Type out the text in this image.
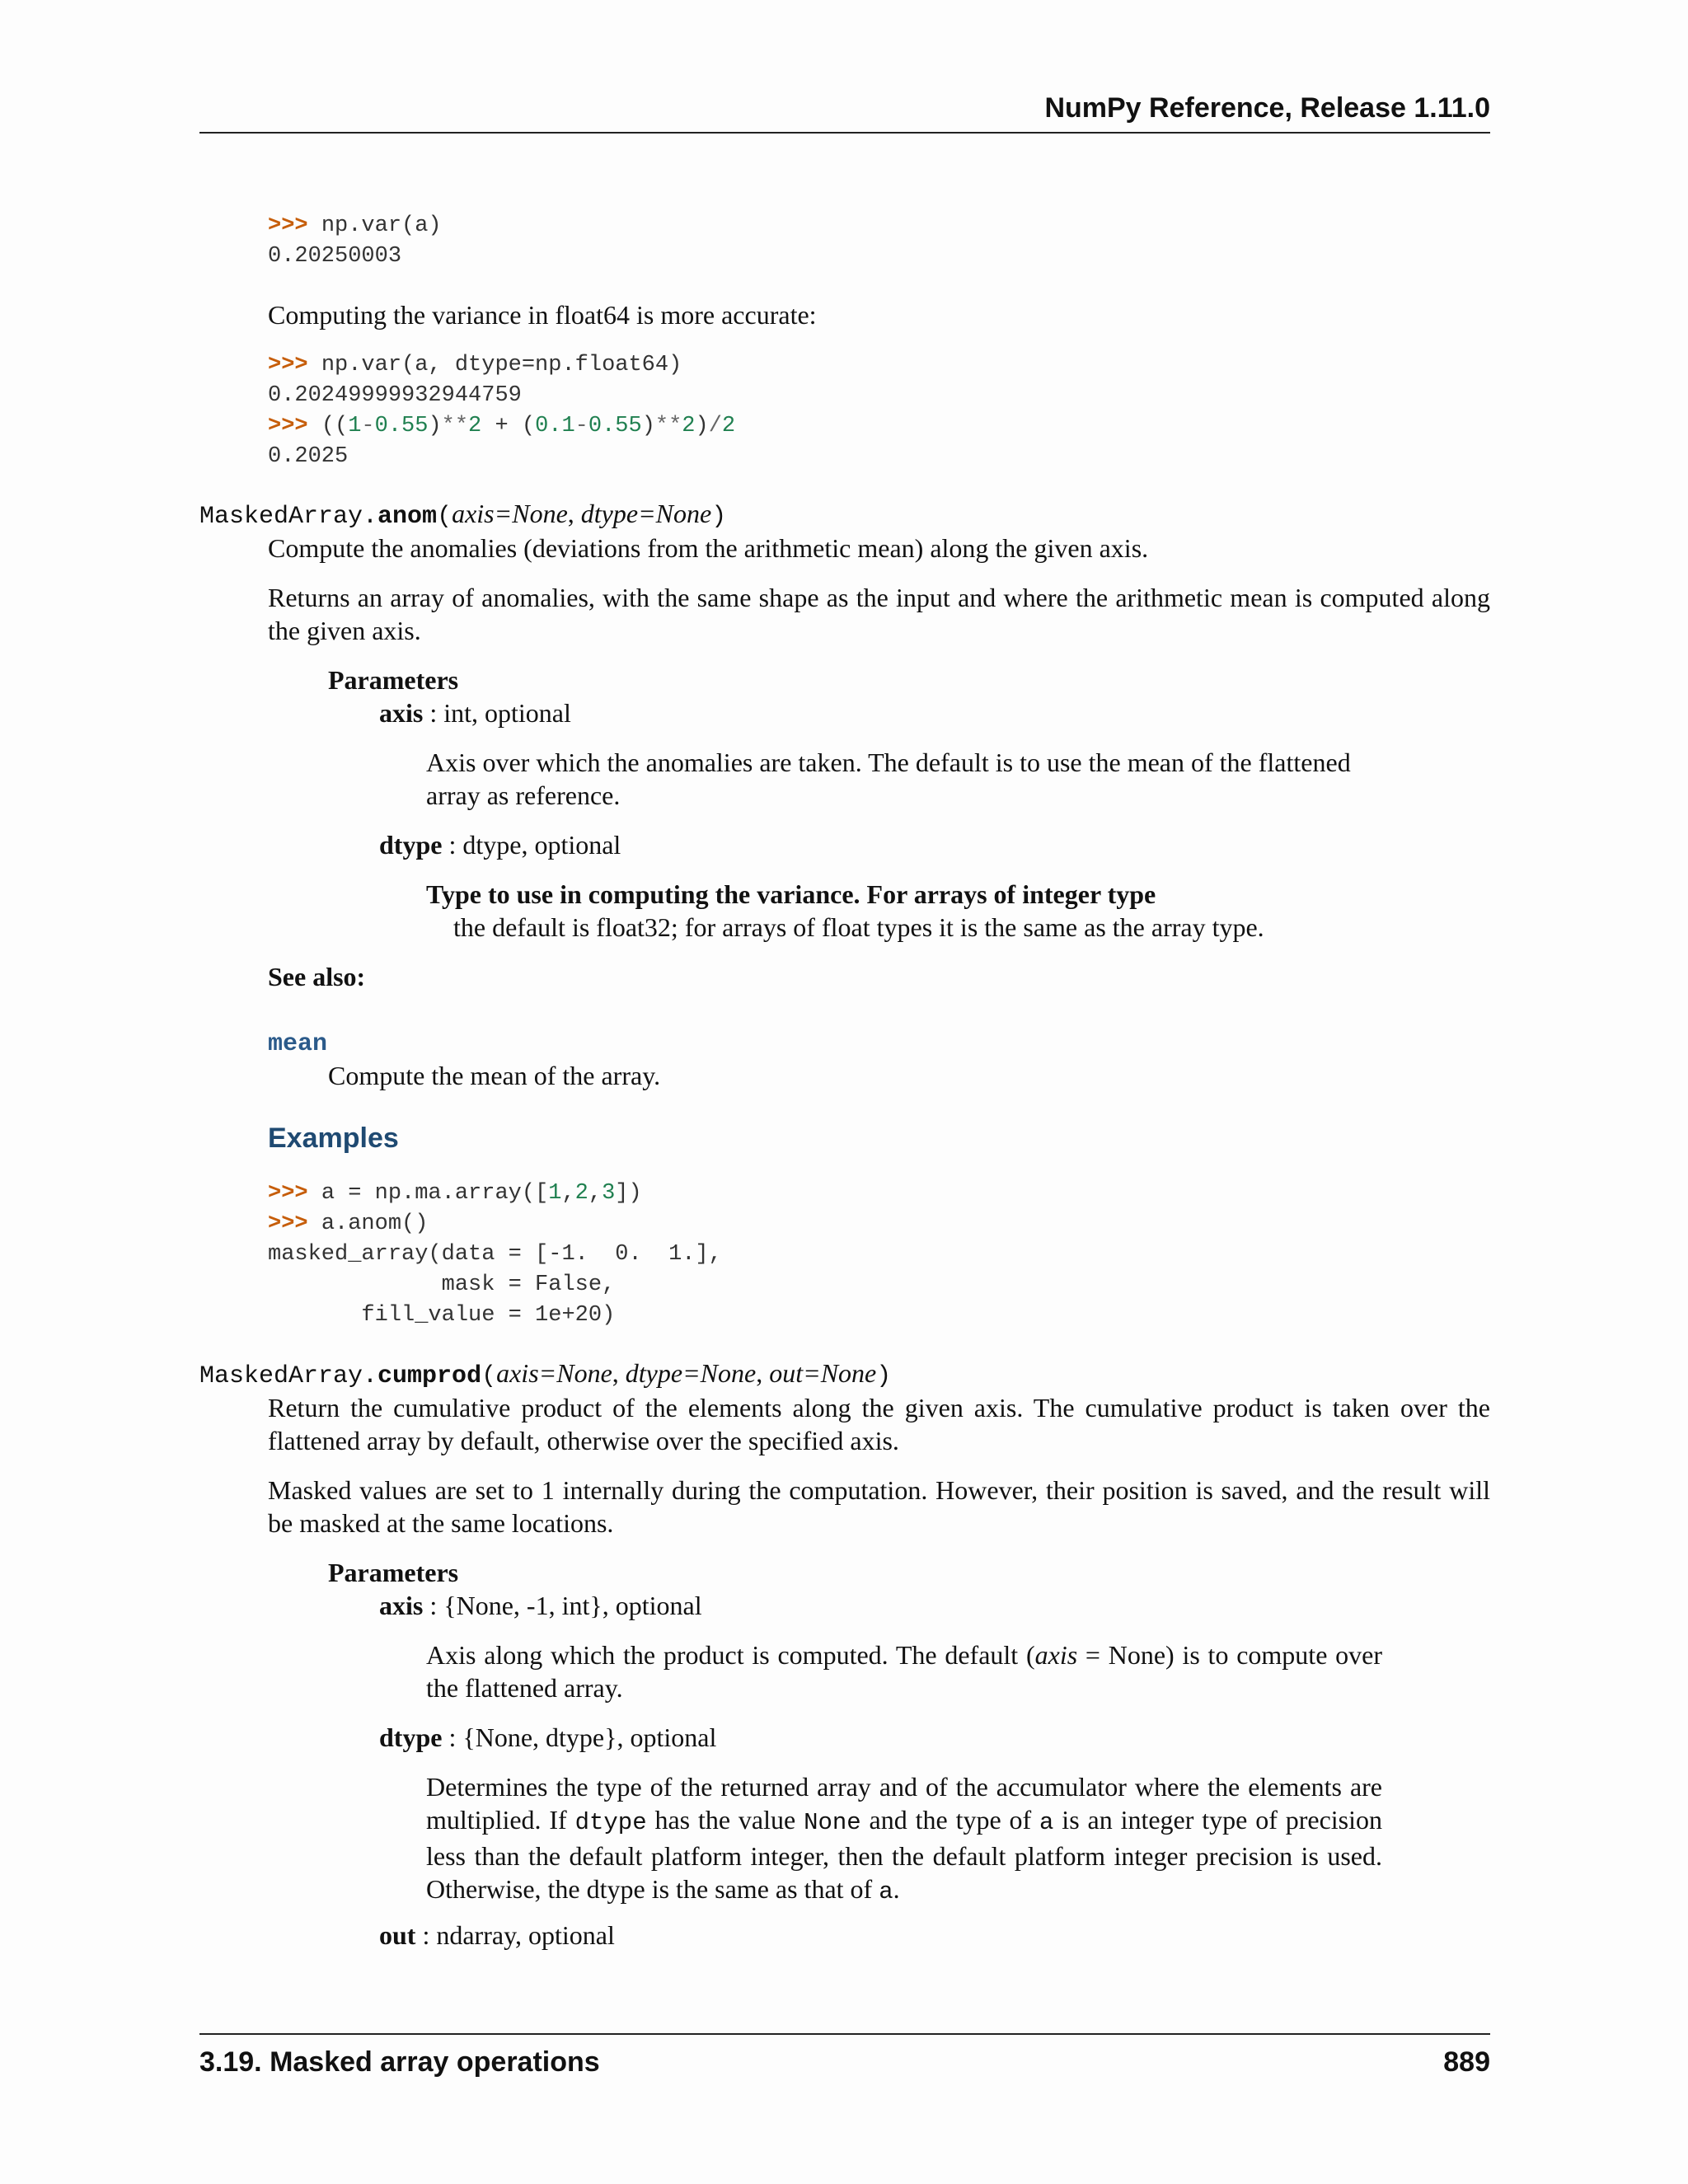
NumPy Reference, Release 1.11.0
>>> np.var(a)
0.20250003
Computing the variance in float64 is more accurate:
>>> np.var(a, dtype=np.float64)
0.20249999932944759
>>> ((1-0.55)**2 + (0.1-0.55)**2)/2
0.2025
MaskedArray.anom(axis=None, dtype=None)
Compute the anomalies (deviations from the arithmetic mean) along the given axis.
Returns an array of anomalies, with the same shape as the input and where the arithmetic mean is computed along the given axis.
Parameters
axis : int, optional
Axis over which the anomalies are taken. The default is to use the mean of the flattened array as reference.
dtype : dtype, optional
Type to use in computing the variance. For arrays of integer type
the default is float32; for arrays of float types it is the same as the array type.
See also:
mean
Compute the mean of the array.
Examples
>>> a = np.ma.array([1,2,3])
>>> a.anom()
masked_array(data = [-1.  0.  1.],
mask = False,
fill_value = 1e+20)
MaskedArray.cumprod(axis=None, dtype=None, out=None)
Return the cumulative product of the elements along the given axis. The cumulative product is taken over the flattened array by default, otherwise over the specified axis.
Masked values are set to 1 internally during the computation. However, their position is saved, and the result will be masked at the same locations.
Parameters
axis : {None, -1, int}, optional
Axis along which the product is computed. The default (axis = None) is to compute over the flattened array.
dtype : {None, dtype}, optional
Determines the type of the returned array and of the accumulator where the elements are multiplied. If dtype has the value None and the type of a is an integer type of precision less than the default platform integer, then the default platform integer precision is used. Otherwise, the dtype is the same as that of a.
out : ndarray, optional
3.19. Masked array operations	889
